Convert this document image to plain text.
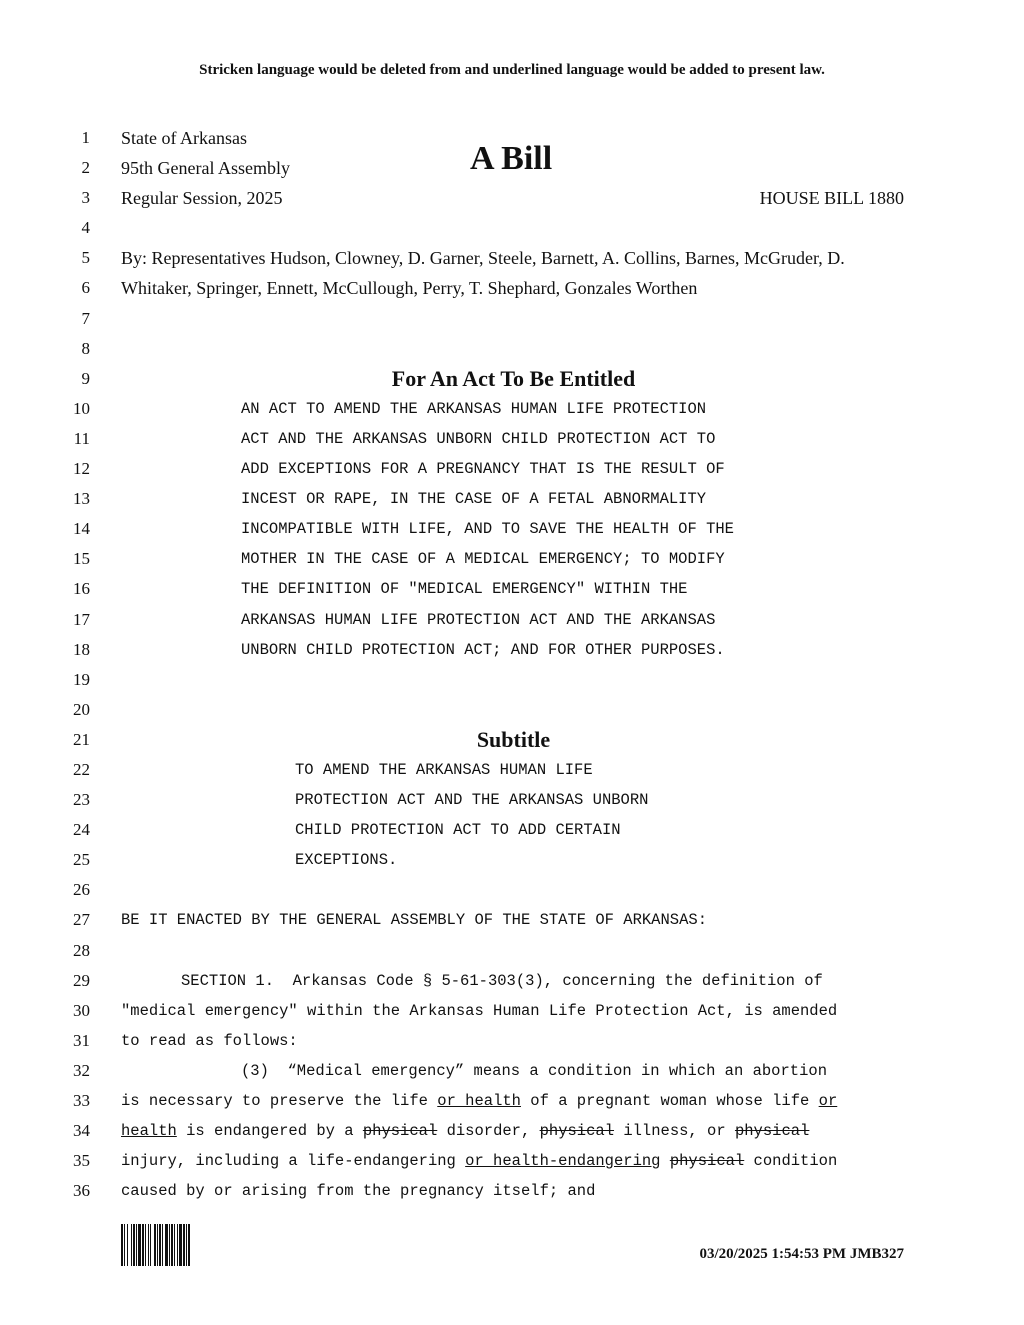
Stricken language would be deleted from and underlined language would be added to present law.
A Bill
1 State of Arkansas
2 95th General Assembly
3 Regular Session, 2025	HOUSE BILL 1880
4
5 By: Representatives Hudson, Clowney, D. Garner, Steele, Barnett, A. Collins, Barnes, McGruder, D.
6 Whitaker, Springer, Ennett, McCullough, Perry, T. Shephard, Gonzales Worthen
7
8
9	For An Act To Be Entitled
10	AN ACT TO AMEND THE ARKANSAS HUMAN LIFE PROTECTION
11	ACT AND THE ARKANSAS UNBORN CHILD PROTECTION ACT TO
12	ADD EXCEPTIONS FOR A PREGNANCY THAT IS THE RESULT OF
13	INCEST OR RAPE, IN THE CASE OF A FETAL ABNORMALITY
14	INCOMPATIBLE WITH LIFE, AND TO SAVE THE HEALTH OF THE
15	MOTHER IN THE CASE OF A MEDICAL EMERGENCY; TO MODIFY
16	THE DEFINITION OF "MEDICAL EMERGENCY" WITHIN THE
17	ARKANSAS HUMAN LIFE PROTECTION ACT AND THE ARKANSAS
18	UNBORN CHILD PROTECTION ACT; AND FOR OTHER PURPOSES.
19
20
21	Subtitle
22	TO AMEND THE ARKANSAS HUMAN LIFE
23	PROTECTION ACT AND THE ARKANSAS UNBORN
24	CHILD PROTECTION ACT TO ADD CERTAIN
25	EXCEPTIONS.
26
27 BE IT ENACTED BY THE GENERAL ASSEMBLY OF THE STATE OF ARKANSAS:
28
29	SECTION 1.  Arkansas Code § 5-61-303(3), concerning the definition of
30 "medical emergency" within the Arkansas Human Life Protection Act, is amended
31 to read as follows:
32	(3)  “Medical emergency” means a condition in which an abortion
33 is necessary to preserve the life or health of a pregnant woman whose life or
34 health is endangered by a physical disorder, physical illness, or physical
35 injury, including a life-endangering or health-endangering physical condition
36 caused by or arising from the pregnancy itself; and
03/20/2025 1:54:53 PM JMB327
